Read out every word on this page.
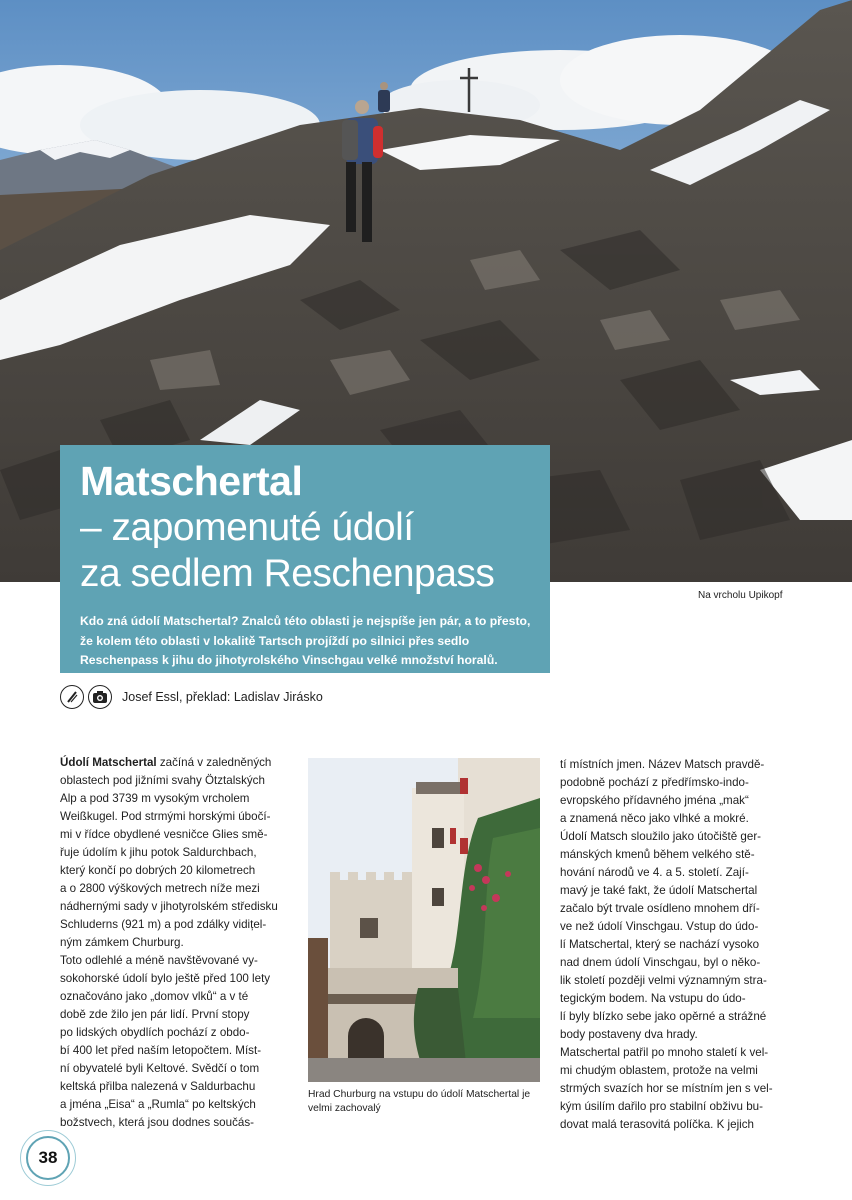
Na vrcholu Upikopf
Matschertal
– zapomenuté údolí
za sedlem Reschenpass
Kdo zná údolí Matschertal? Znalců této oblasti je nejspíše jen pár, a to přesto, že kolem této oblasti v lokalitě Tartsch projíždí po silnici přes sedlo Reschenpass k jihu do jihotyrolského Vinschgau velké množství horalů.
Josef Essl, překlad: Ladislav Jirásko

Údolí Matschertal začíná v zaledněných

oblastech pod jižními svahy Ötztalských
Alp a pod 3739 m vysokým vrcholem
Weißkugel. Pod strmými horskými úbočí-
mi v řídce obydlené vesničce Glies smě-
řuje údolím k jihu potok Saldurchbach,
který končí po dobrých 20 kilometrech
a o 2800 výškových metrech níže mezi
nádhernými sady v jihotyrolském středisku
Schluderns (921 m) a pod zdálky vidițel-
ným zámkem Churburg.
Toto odlehlé a méně navštěvované vy-
sokohorské údolí bylo ještě před 100 lety
označováno jako „domov vlků“ a v té
době zde žilo jen pár lidí. První stopy
po lidských obydlích pochází z obdo-
bí 400 let před naším letopočtem. Míst-
ní obyvatelé byli Keltové. Svědčí o tom
keltská přilba nalezená v Saldurbachu
a jména „Eisa“ a „Rumla“ po keltských
božstvech, která jsou dodnes součás-
Hrad Churburg na vstupu do údolí Matschertal je velmi zachovalý
tí místních jmen. Název Matsch pravdě-
podobně pochází z předřímsko-indo-
evropského přídavného jména „mak“
a znamená něco jako vlhké a mokré.
Údolí Matsch sloužilo jako útočiště ger-
mánských kmenů během velkého stě-
hování národů ve 4. a 5. století. Zají-
mavý je také fakt, že údolí Matschertal
začalo být trvale osídleno mnohem dří-
ve než údolí Vinschgau. Vstup do údo-
lí Matschertal, který se nachází vysoko
nad dnem údolí Vinschgau, byl o něko-
lik století později velmi významným stra-
tegickým bodem. Na vstupu do údo-
lí byly blízko sebe jako opěrné a strážné
body postaveny dva hrady.
Matschertal patřil po mnoho staletí k vel-
mi chudým oblastem, protože na velmi
strmých svazích hor se místním jen s vel-
kým úsilím dařilo pro stabilní obživu bu-
dovat malá terasovitá políčka. K jejich
38
